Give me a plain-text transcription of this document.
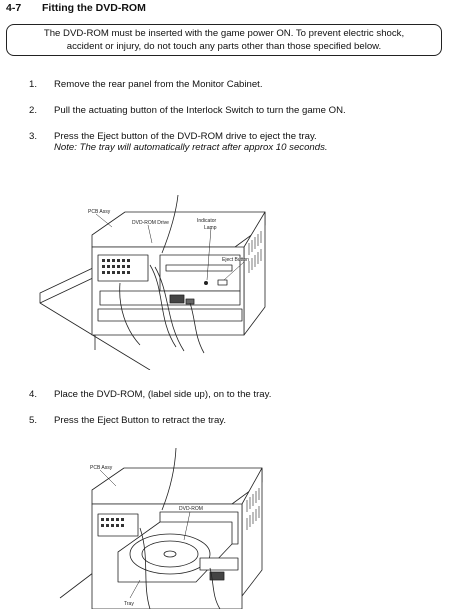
4-7 Fitting the DVD-ROM
The DVD-ROM must be inserted with the game power ON. To prevent electric shock,
accident or injury, do not touch any parts other than those specified below.
1. Remove the rear panel from the Monitor Cabinet.
2. Pull the actuating button of the Interlock Switch to turn the game ON.
3. Press the Eject button of the DVD-ROM drive to eject the tray.
Note: The tray will automatically retract after approx 10 seconds.
PCB Assy
DVD-ROM Drive	Indicator
Lamp
Eject Button
4. Place the DVD-ROM, (label side up), on to the tray.
5. Press the Eject Button to retract the tray.
PCB Assy
DVD-ROM
Tray
